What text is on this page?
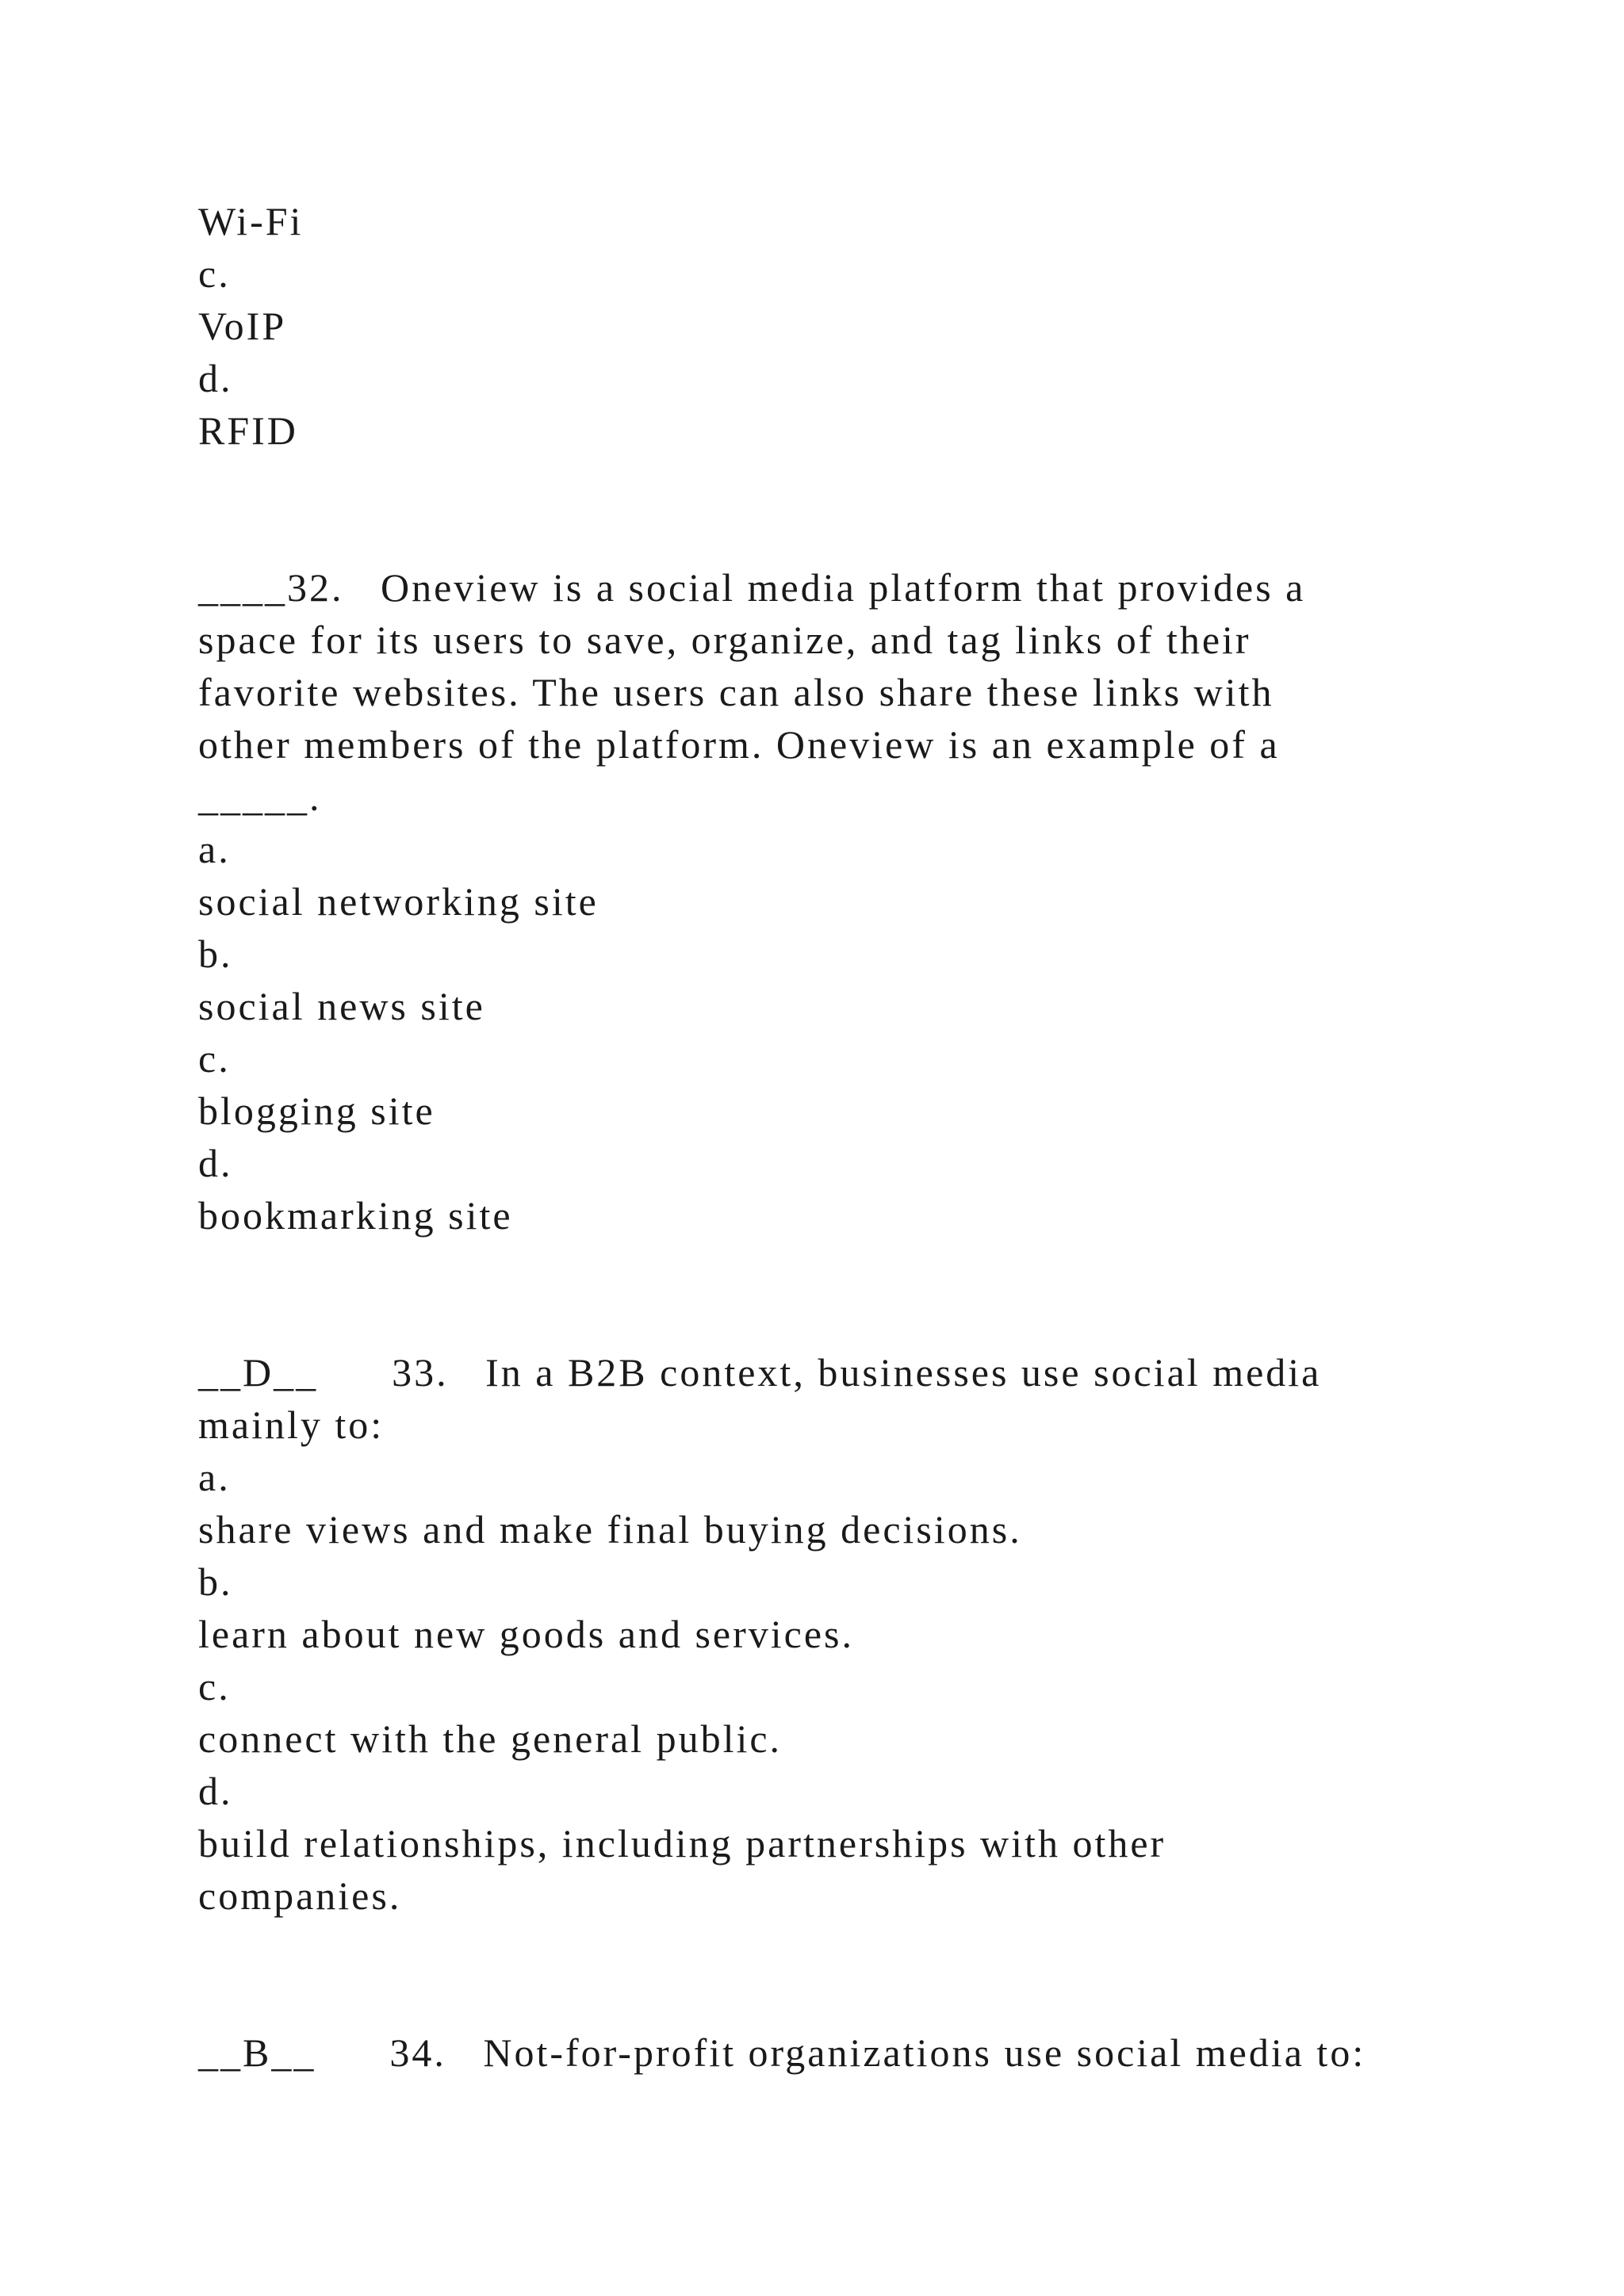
Wi-Fi
c.
VoIP
d.
RFID
____32.   Oneview is a social media platform that provides a
space for its users to save, organize, and tag links of their
favorite websites. The users can also share these links with
other members of the platform. Oneview is an example of a
_____.
a.
social networking site
b.
social news site
c.
blogging site
d.
bookmarking site
__D__      33.   In a B2B context, businesses use social media
mainly to:
a.
share views and make final buying decisions.
b.
learn about new goods and services.
c.
connect with the general public.
d.
build relationships, including partnerships with other
companies.
__B__      34.   Not-for-profit organizations use social media to:
